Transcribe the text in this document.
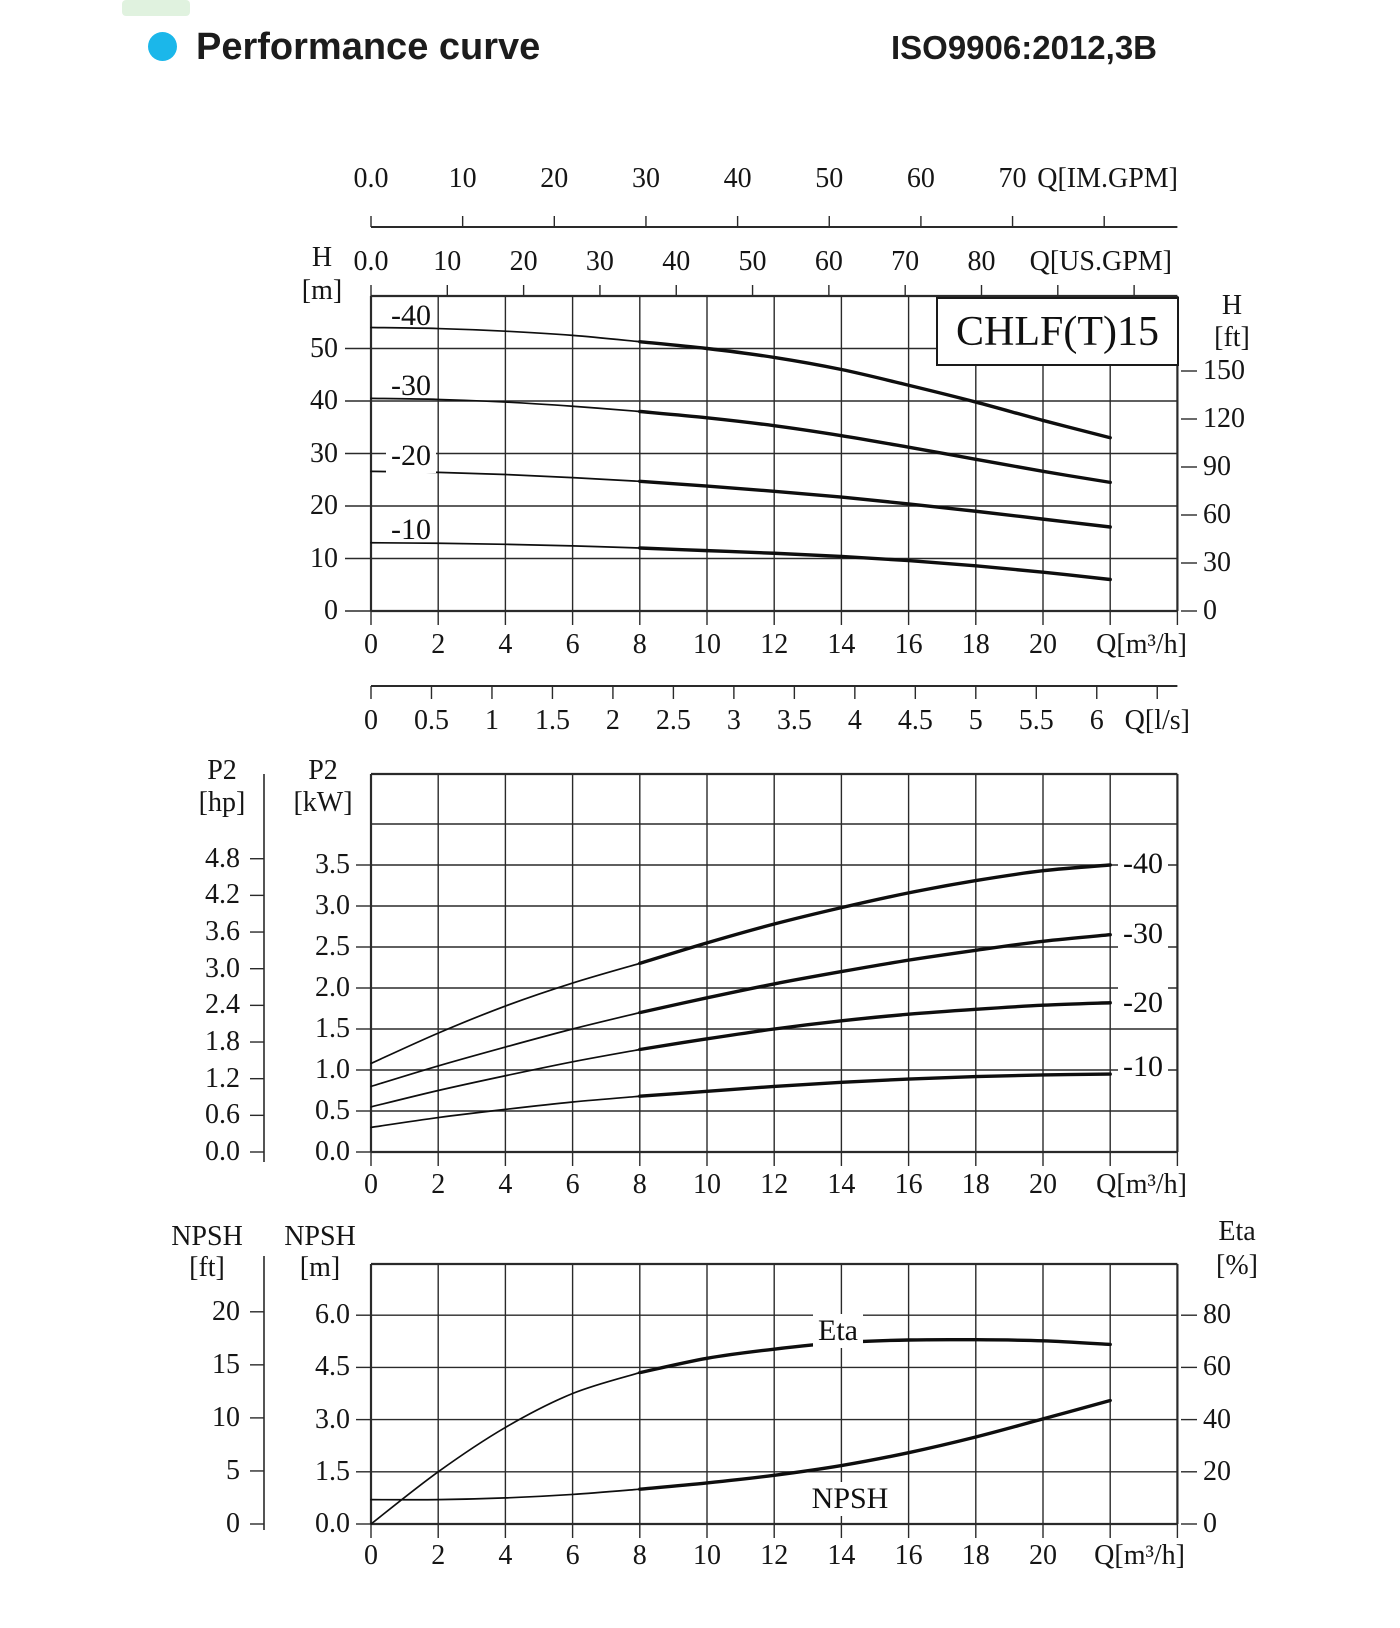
Performance curve	ISO9906:2012,3B
H
[m]	H
[ft]
Q[IM.GPM]
Q[US.GPM]
Q[m³/h]
Q[l/s]
-40
-30
-20
-10
CHLF(T)15
P2
[hp]
P2
[kW]
Q[m³/h]
-40
-30
-20
-10
NPSH
[ft]
NPSH
[m]
Eta
[%]
Q[m³/h]
Eta
NPSH
0.0 10 20 30 40 50 60 70
0.0 10 20 30 40 50 60 70 80
0 2 4 6 8 10 12 14 16 18 20
0 0.5 1 1.5 2 2.5 3 3.5 4 4.5 5 5.5 6
50
40
30
20
10
0
150
120
90
60
30
0
0 2 4 6 8 10 12 14 16 18 20
4.8
4.2
3.6
3.0
2.4
1.8
1.2
0.6
0.0
3.5
3.0
2.5
2.0
1.5
1.0
0.5
0.0
0 2 4 6 8 10 12 14 16 18 20
20
15
10
5
0
6.0
4.5
3.0
1.5
0.0
80
60
40
20
0
